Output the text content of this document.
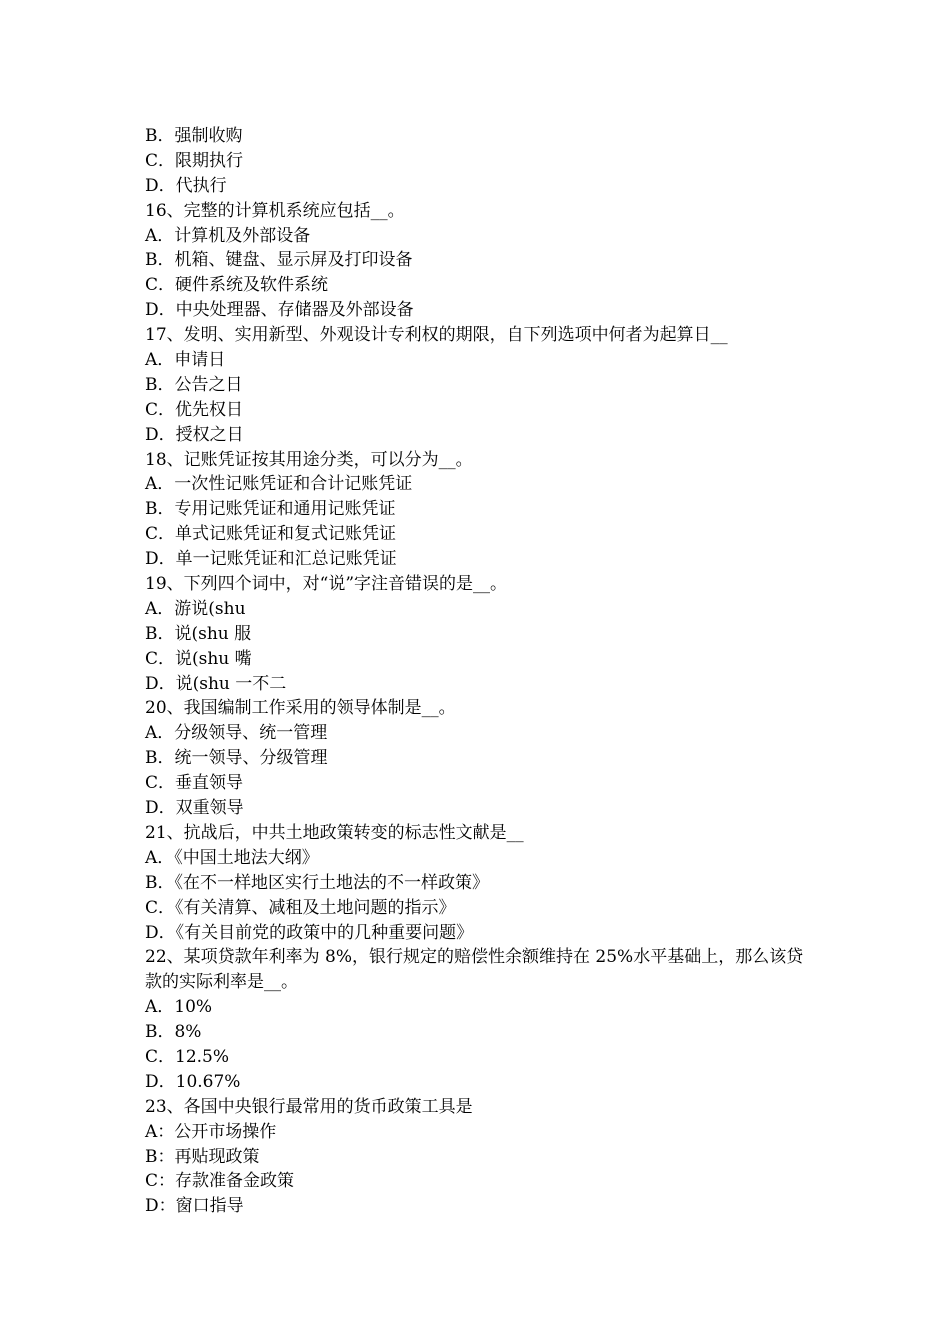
B．强制收购
C．限期执行
D．代执行
16、完整的计算机系统应包括__。
A．计算机及外部设备
B．机箱、键盘、显示屏及打印设备
C．硬件系统及软件系统
D．中央处理器、存储器及外部设备
17、发明、实用新型、外观设计专利权的期限，自下列选项中何者为起算日__
A．申请日
B．公告之日
C．优先权日
D．授权之日
18、记账凭证按其用途分类，可以分为__。
A．一次性记账凭证和合计记账凭证
B．专用记账凭证和通用记账凭证
C．单式记账凭证和复式记账凭证
D．单一记账凭证和汇总记账凭证
19、下列四个词中，对“说”字注音错误的是__。
A．游说(shu
B．说(shu 服
C．说(shu 嘴
D．说(shu 一不二
20、我国编制工作采用的领导体制是__。
A．分级领导、统一管理
B．统一领导、分级管理
C．垂直领导
D．双重领导
21、抗战后，中共土地政策转变的标志性文献是__
A．《中国土地法大纲》
B．《在不一样地区实行土地法的不一样政策》
C．《有关清算、减租及土地问题的指示》
D．《有关目前党的政策中的几种重要问题》
22、某项贷款年利率为 8%，银行规定的赔偿性余额维持在 25%水平基础上，那么该贷款的实际利率是__。
A．10%
B．8%
C．12.5%
D．10.67%
23、各国中央银行最常用的货币政策工具是
A：公开市场操作
B：再贴现政策
C：存款准备金政策
D：窗口指导
